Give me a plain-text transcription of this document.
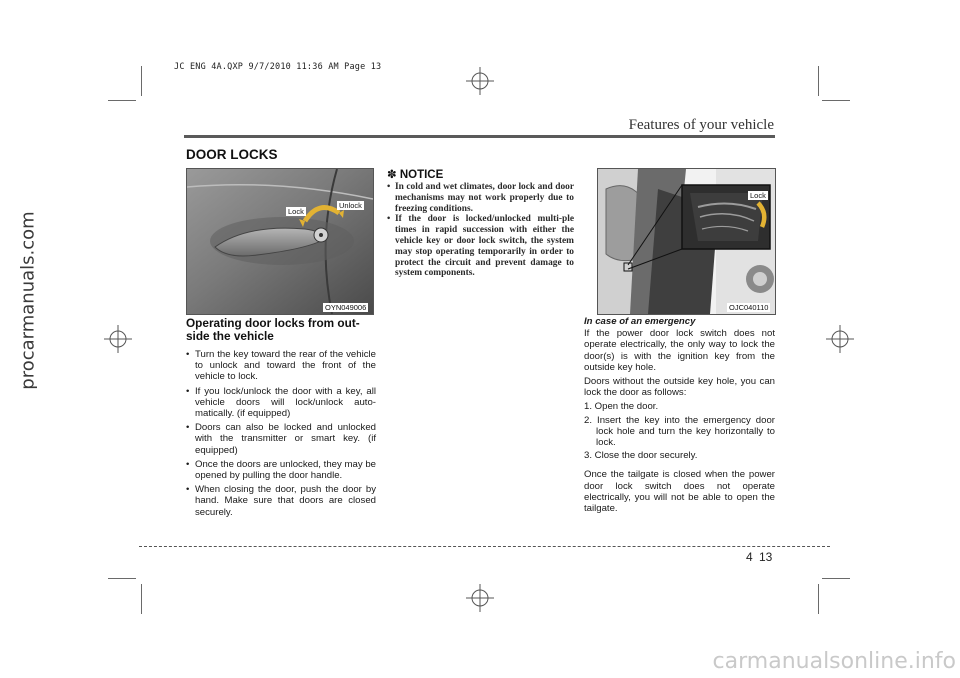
JC ENG 4A.QXP 9/7/2010 11:36 AM Page 13
procarmanuals.com
Features of your vehicle
DOOR LOCKS
Lock
Unlock
OYN049006
Lock
OJC040110
Operating door locks from out-side the vehicle
• Turn the key toward the rear of the vehicle to unlock and toward the front of the vehicle to lock.
• If you lock/unlock the door with a key, all vehicle doors will lock/unlock auto-matically. (if equipped)
• Doors can also be locked and unlocked with the transmitter or smart key. (if equipped)
• Once the doors are unlocked, they may be opened by pulling the door handle.
• When closing the door, push the door by hand. Make sure that doors are closed securely.
✽ NOTICE
• In cold and wet climates, door lock and door mechanisms may not work properly due to freezing conditions.
• If the door is locked/unlocked multi-ple times in rapid succession with either the vehicle key or door lock switch, the system may stop operating temporarily in order to protect the circuit and prevent damage to system components.

In case of an emergency

If the power door lock switch does not operate electrically, the only way to lock the door(s) is with the ignition key from the outside key hole.

Doors without the outside key hole, you can lock the door as follows:

1. Open the door.

2. Insert the key into the emergency door lock hole and turn the key horizontally to lock.

3. Close the door securely.

Once the tailgate is closed when the power door lock switch does not operate electrically, you will not be able to open the tailgate.

4 13
carmanualsonline.info
